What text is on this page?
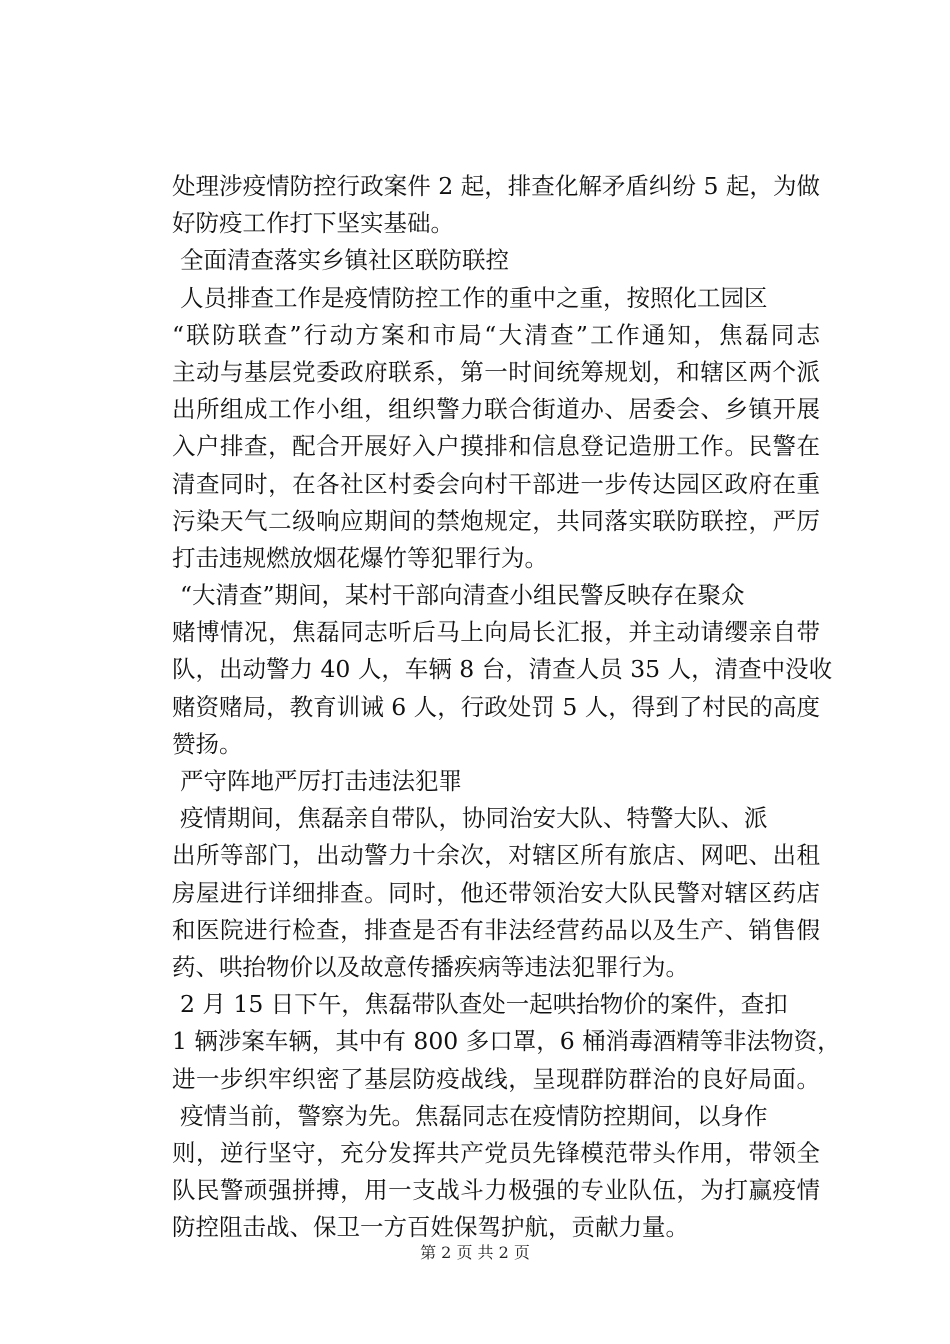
处理涉疫情防控行政案件 2 起，排查化解矛盾纠纷 5 起，为做
好防疫工作打下坚实基础。
全面清查落实乡镇社区联防联控
人员排查工作是疫情防控工作的重中之重，按照化工园区
“联防联查”行动方案和市局“大清查”工作通知，焦磊同志
主动与基层党委政府联系，第一时间统筹规划，和辖区两个派
出所组成工作小组，组织警力联合街道办、居委会、乡镇开展
入户排查，配合开展好入户摸排和信息登记造册工作。民警在
清查同时，在各社区村委会向村干部进一步传达园区政府在重
污染天气二级响应期间的禁炮规定，共同落实联防联控，严厉
打击违规燃放烟花爆竹等犯罪行为。
“大清查”期间，某村干部向清查小组民警反映存在聚众
赌博情况，焦磊同志听后马上向局长汇报，并主动请缨亲自带
队，出动警力 40 人，车辆 8 台，清查人员 35 人，清查中没收
赌资赌局，教育训诫 6 人，行政处罚 5 人，得到了村民的高度
赞扬。
严守阵地严厉打击违法犯罪
疫情期间，焦磊亲自带队，协同治安大队、特警大队、派
出所等部门，出动警力十余次，对辖区所有旅店、网吧、出租
房屋进行详细排查。同时，他还带领治安大队民警对辖区药店
和医院进行检查，排查是否有非法经营药品以及生产、销售假
药、哄抬物价以及故意传播疾病等违法犯罪行为。
2 月 15 日下午，焦磊带队查处一起哄抬物价的案件，查扣
1 辆涉案车辆，其中有 800 多口罩，6 桶消毒酒精等非法物资，
进一步织牢织密了基层防疫战线，呈现群防群治的良好局面。
疫情当前，警察为先。焦磊同志在疫情防控期间，以身作
则，逆行坚守，充分发挥共产党员先锋模范带头作用，带领全
队民警顽强拼搏，用一支战斗力极强的专业队伍，为打赢疫情
防控阻击战、保卫一方百姓保驾护航，贡献力量。
第 2 页 共 2 页
